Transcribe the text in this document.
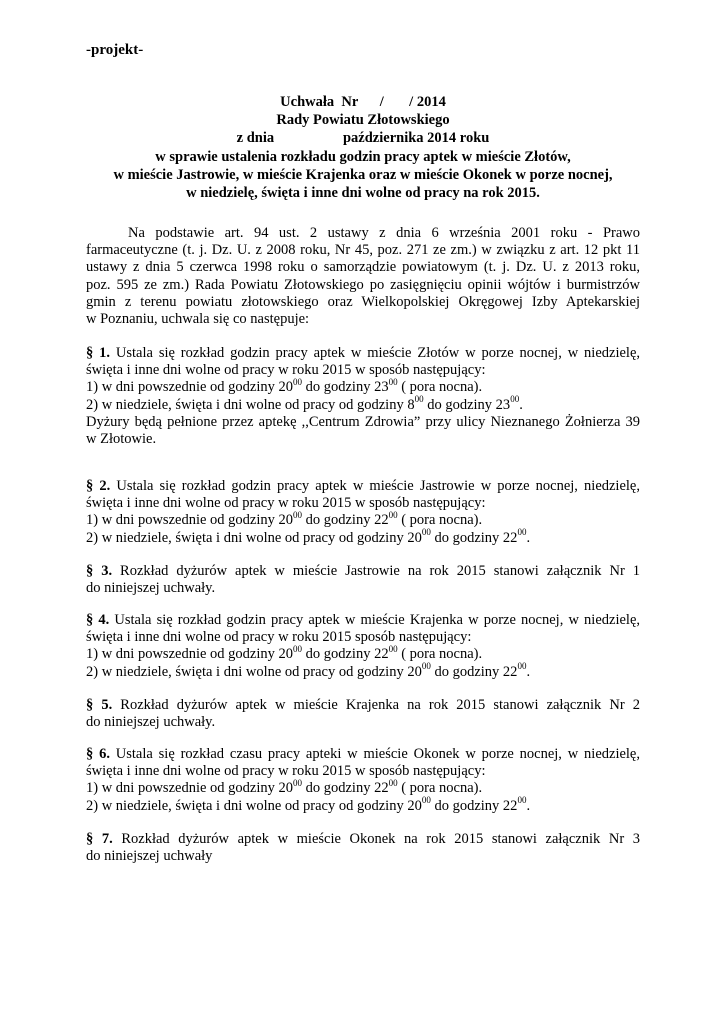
-projekt-
Uchwała  Nr      /       / 2014
Rady Powiatu Złotowskiego
z dnia                   października 2014 roku
w sprawie ustalenia rozkładu godzin pracy aptek w mieście Złotów,
w mieście Jastrowie, w mieście Krajenka oraz w mieście Okonek w porze nocnej,
w niedzielę, święta i inne dni wolne od pracy na rok 2015.
Na podstawie art. 94 ust. 2 ustawy z dnia 6 września 2001 roku - Prawo
farmaceutyczne (t. j. Dz. U. z 2008 roku, Nr 45, poz. 271 ze zm.) w związku z art. 12 pkt 11
ustawy z dnia 5 czerwca 1998 roku o samorządzie powiatowym (t. j. Dz. U. z 2013 roku,
poz. 595 ze zm.) Rada Powiatu Złotowskiego po zasięgnięciu opinii wójtów i burmistrzów
gmin z terenu powiatu złotowskiego oraz Wielkopolskiej Okręgowej Izby Aptekarskiej
w Poznaniu, uchwala się co następuje:
§ 1. Ustala się rozkład godzin pracy aptek w mieście Złotów w porze nocnej, w niedzielę,
święta i inne dni wolne od pracy w roku 2015 w sposób następujący:
1) w dni powszednie od godziny $20^{00}$ do godziny $23^{00}$ ( pora nocna).
2) w niedziele, święta i dni wolne od pracy od godziny $8^{00}$ do godziny $23^{00}$.
Dyżury będą pełnione przez aptekę ,,Centrum Zdrowia” przy ulicy Nieznanego Żołnierza 39
w Złotowie.
§ 2. Ustala się rozkład godzin pracy aptek w mieście Jastrowie w porze nocnej, niedzielę,
święta i inne dni wolne od pracy w roku 2015 w sposób następujący:
1) w dni powszednie od godziny $20^{00}$ do godziny $22^{00}$ ( pora nocna).
2) w niedziele, święta i dni wolne od pracy od godziny $20^{00}$ do godziny $22^{00}$.
§ 3. Rozkład dyżurów aptek w mieście Jastrowie na rok 2015 stanowi załącznik Nr 1
do niniejszej uchwały.
§ 4. Ustala się rozkład godzin pracy aptek w mieście Krajenka w porze nocnej, w niedzielę,
święta i inne dni wolne od pracy w roku 2015 sposób następujący:
1) w dni powszednie od godziny $20^{00}$ do godziny $22^{00}$ ( pora nocna).
2) w niedziele, święta i dni wolne od pracy od godziny $20^{00}$ do godziny $22^{00}$.
§ 5. Rozkład dyżurów aptek w mieście Krajenka na rok 2015 stanowi załącznik Nr 2
do niniejszej uchwały.
§ 6. Ustala się rozkład czasu pracy apteki w mieście Okonek w porze nocnej, w niedzielę,
święta i inne dni wolne od pracy w roku 2015 w sposób następujący:
1) w dni powszednie od godziny $20^{00}$ do godziny $22^{00}$ ( pora nocna).
2) w niedziele, święta i dni wolne od pracy od godziny $20^{00}$ do godziny $22^{00}$.
§ 7. Rozkład dyżurów aptek w mieście Okonek na rok 2015 stanowi załącznik Nr 3
do niniejszej uchwały
